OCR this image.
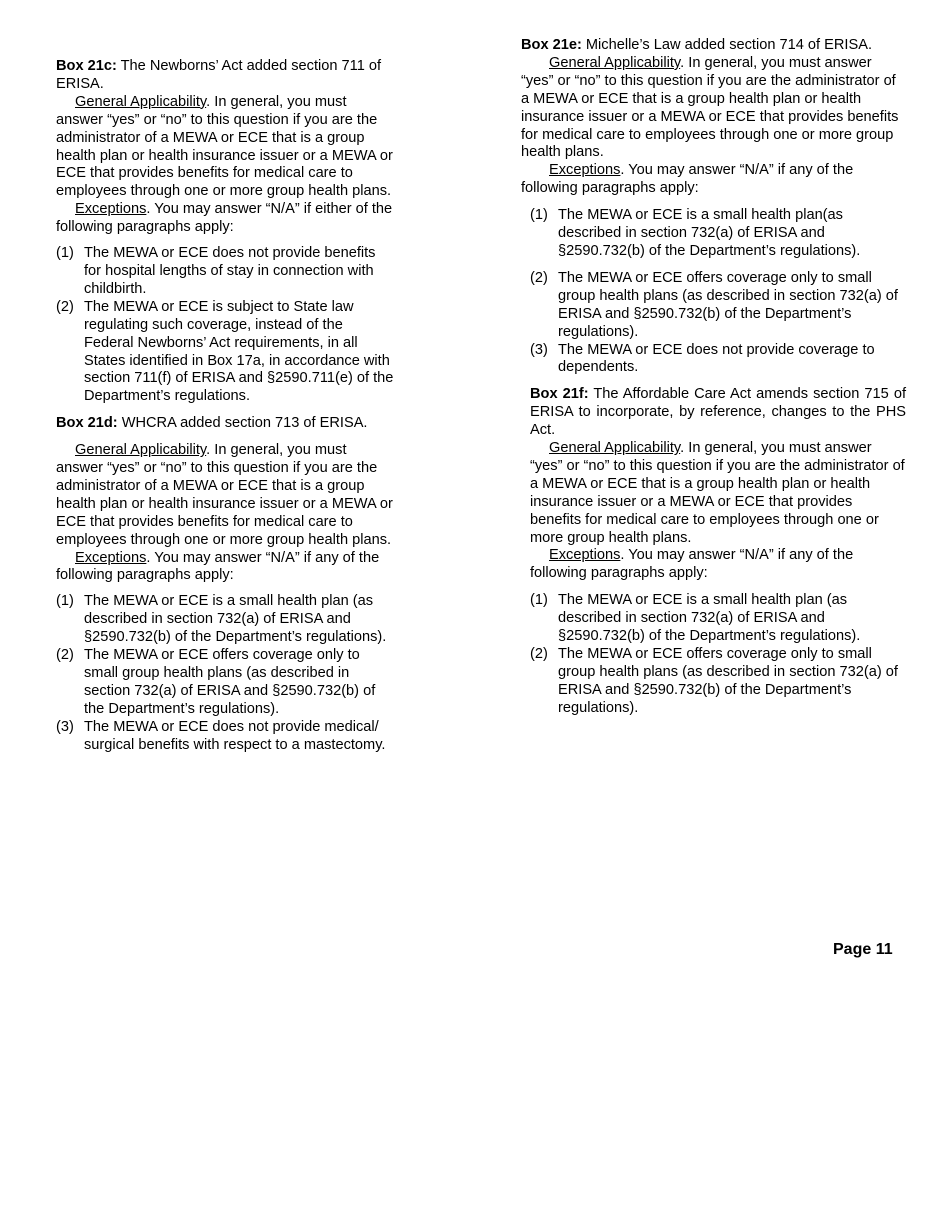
Box 21c: The Newborns’ Act added section 711 of ERISA.

General Applicability. In general, you must answer “yes” or “no” to this question if you are the administrator of a MEWA or ECE that is a group health plan or health insurance issuer or a MEWA or ECE that provides benefits for medical care to employees through one or more group health plans.

Exceptions. You may answer “N/A” if either of the following paragraphs apply:

(1) The MEWA or ECE does not provide benefits for hospital lengths of stay in connection with childbirth.
(2) The MEWA or ECE is subject to State law regulating such coverage, instead of the Federal Newborns’ Act requirements, in all States identified in Box 17a, in accordance with section 711(f) of ERISA and §2590.711(e) of the Department’s regulations.

Box 21d: WHCRA added section 713 of ERISA.

General Applicability. In general, you must answer “yes” or “no” to this question if you are the administrator of a MEWA or ECE that is a group health plan or health insurance issuer or a MEWA or ECE that provides benefits for medical care to employees through one or more group health plans.

Exceptions. You may answer “N/A” if any of the following paragraphs apply:

(1) The MEWA or ECE is a small health plan (as described in section 732(a) of ERISA and §2590.732(b) of the Department’s regulations).
(2) The MEWA or ECE offers coverage only to small group health plans (as described in section 732(a) of ERISA and §2590.732(b) of the Department’s regulations).
(3) The MEWA or ECE does not provide medical/ surgical benefits with respect to a mastectomy.

Box 21e: Michelle’s Law added section 714 of ERISA.

General Applicability. In general, you must answer “yes” or “no” to this question if you are the administrator of a MEWA or ECE that is a group health plan or health insurance issuer or a MEWA or ECE that provides benefits for medical care to employees through one or more group health plans.

Exceptions. You may answer “N/A” if any of the following paragraphs apply:

(1) The MEWA or ECE is a small health plan(as described in section 732(a) of ERISA and §2590.732(b) of the Department’s regulations).
(2) The MEWA or ECE offers coverage only to small group health plans (as described in section 732(a) of ERISA and §2590.732(b) of the Department’s regulations).
(3) The MEWA or ECE does not provide coverage to dependents.

Box 21f: The Affordable Care Act amends section 715 of ERISA to incorporate, by reference, changes to the PHS Act.

General Applicability. In general, you must answer “yes” or “no” to this question if you are the administrator of a MEWA or ECE that is a group health plan or health insurance issuer or a MEWA or ECE that provides benefits for medical care to employees through one or more group health plans.

Exceptions. You may answer “N/A” if any of the following paragraphs apply:

(1) The MEWA or ECE is a small health plan (as described in section 732(a) of ERISA and §2590.732(b) of the Department’s regulations).
(2) The MEWA or ECE offers coverage only to small group health plans (as described in section 732(a) of ERISA and §2590.732(b) of the Department’s regulations).
Page 11
